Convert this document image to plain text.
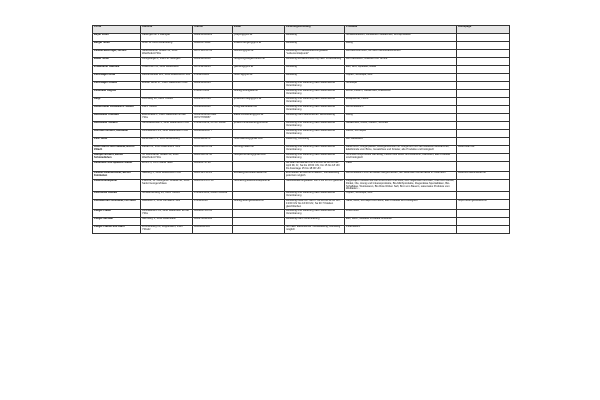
Firma	Adresse	Telefon	Email	Lieferung/Abholung	Produkte	Homepage
Beyer Josef	Kalsingla 3371 Kalmgau	0699/10361803	j.beyer@gmx.at	Abholung	Schweinefleisch, Rindfleisch Gesalchtes, Wurstprodukte	
Berger Josef	Grub 13 3365 Allhartsberg	0680/2076902	imkerei.berger@gmx.at	Abholung	Honig	
Familie Buchinger, Aichen	Seitenstettner Straße 53, 3340 Waidhofen/Ybbs	0676 305 63 53	buchich@gmx.at	Abholung im Selbstbedienungsladen "Lebensmittelpunkt"	Bio-Heu-Rohmilch, AZ Milch demokratischerlich	
Buder Josef	Königsreigel 1, 3344 St. Georgen	0664/1408359	reingrub@wegau.fleisch.at	Abholung/Versand/Lieferung nach Vereinbarung	Bio Kalbfleisch, Rillettes und Terrine	
Erlaßhalner Gabriele	Unterchien 11, 3340 Hollenstein	0676/3250244	gab103@gmx.at	Abholung	Eier, Brot, Apfelsaft, Butter	
Fuchslager Anna	Lahnenstraße 125, 3340 Waidhofen/Ybbs	07442/54065	m0079@gmx.at	Abholung	Topfen, Schotüpe, Brot	
Fuchslager Josefa	Wieser Höhe 47, 3340 Waidhofen/Ybbs	0664/1390564		Abholung und Lieferung nach telefonischer Vereinbarung	Schotüpe	
Fulltmaier Regina		07486/78943	office@fuumgasei.at	Abholung und Lieferung nach telefonischer Vereinbarung	Wurst, Fleisch, Gesalchtes, Bratwürste	
Heigl	Kirchberg 10, 3341 Ybbsitz	0664/5957614	johannes.heigl@gmx.at	Abholung und Lieferung nach telefonischer Vereinbarung	Erdäpfelnde, Liköre	
Hintermüller Rosmarie u. Rudolf	3341 Ybbsitz	0664/8896366	info@sandbauer.bio	Abholung und Lieferung nach telefonischer Vereinbarung	Bio-Rindfleisch	
Hintsteiner Irmtraud	Erlenstraße 1, 3340 Waidhofen an der Ybbs	0664/5932186 oder 0676/7780957	klaus.hintsteiner@gmx.at	Abholung nach telefonischer Vereinbarung	Honig	
Hintsteiner Johann	Strobbasstraße 4, 3340 Waidhofen/Ybbs	07442/54259, 0676/730602	johann.hintersteiner@tevis.at	Abholung und Lieferung nach telefonischer Vereinbarung	Gesalchtes, Wurst, Fleisch, Schmalz	
Hörndler Herbert, Reitbauer	Konradsheim 29, 3340 Waidhofen/Ybbs	0664/88893577		Abholung und Lieferung nach telefonischer Vereinbarung	Liköre, Schnäpse	
Fam. Hofer	Hinterbach 74, 3365 Allhartsberg	0650/9986272	hoferhaus30@gmail.com	Lieferung, Abholung	Bio Weideland	
Hofer Martin und Isabella, Bichof Zillach	Rettau 22, 3340 Waidhofen/Ybbs	0664 886 86 99	bichof@zillach.at	Abholung und Lieferung nach telefonischer Vereinbarung	Bauernbrot, Burgerpatties, www.genussvoll mit. Burgerbrot von der Bäckerei Mosbammer, Edelbrände vom Birne, Gesalchtes und Kräuter, alle Produkte und biologisch	www.zillach.at
Humpel Norbert, Bichof Schmiedlehen	St. Leonharder Straße 30, 3340 Waidhofen/Ybbs	0664 260 02 50	humpel.norbert@gmail.com	Abholung und Lieferung nach telefonischer Vereinbarung	Schmiedl Bioprodukte wie Essig, Fleisch wie Most- und Wildhuhn, Kartoffeln, alle Produkte sind biologisch	
Käsehütte Stix-Spalteck Stefan	Wimm 6, 3372 Maria Taferl	0664/2171729		bis März ab Mai am FR 9:00 bis 18:00 Uhr ab April Mi, Fr, Sa bis 18:00 Uhr, Do 15 bis 18 Uhr Do Feiertage 15 bis 18:00 Uhr	Käse	
Familie Kaltenbrunner, Bichof Kolmleiten	Seeberg 5, 3340 Waidhofen/Ybbs	0664 425 49 22	kontakt@bichofkolmleiten.at	Erst wieder ab Herbst erhältlich, Vorbestellung jederzeit möglich	Bio-Rindfleisch vom Ennstaler Bergschecken, der seltensten Rinderrasse in Österreich	www.bichofkolmleiten.at
Lebensmittelpunkt	Pfarrhof, St. Georgener Strasse 38, 3340 Sankt Georgen/Klaus	0699 813 272 58	hermann@lebensmittelpunkt.at	Selbstbedienungsladen von 6 bis 18 Uhr geöffnet	Regionale Produkte wie Bio-Frischmilch und Most, Bio-Tiegenwein und Bier, Toes und Würste, Dinkel, Öle, Honig und Imkereiprodukte, Bio-Milchprodukte, Ziegenkäse Spezialitäten, Bio-Schafkäse, Wurstwaren, Bio Rote Rüben Saft, Brot vom Bauern, saisonales Produkte vom Weltladen ...	
Leichtfried Andrea	Schwarzenberg 24, 3341 Ybbsitz	07443/31053, 0664/7294049		Abholung und Lieferung nach telefonischer Vereinbarung	Topfen, Schotüpe, Brot	
Litzellachner Ferdinand, Fert Mich	Abelsdorf 6, 3331 Kematen/Ybbs	07448/3240	office@ferdl-getreideck.at	Abholung neue ÖZ: Mo Fr. 08:00 bis 12:00 Uhr, 13:00 Uhr bis 16:00 Uhr, Sa 30 7 Käsiten gleichbleiben	Säfte, Most, Schnaps und Liköre, alle Produkte sind biologisch	https://ferdl-getreideck.at
Lueger Lukas	Konradsheim 63, 3340 Waidhofen an der Ybbs	0664/88764732		Abholung und Lieferung nach telefonischer Vereinbarung	Frischmilch	
Lueger Michael	Gernberg 1, 3343 Hollenstein	0664/73032504		Abholung nach Vereinbarung	Eier, Milch, Molkerei Produkte Grundner	
Lueger Paulus und Karin	Frochenberg 26, Kuppelbach, 3341 Ybbsitz	06604852105		nur nach telefonischer Vorbestellung, Abholung möglich	Putenfleisch	
